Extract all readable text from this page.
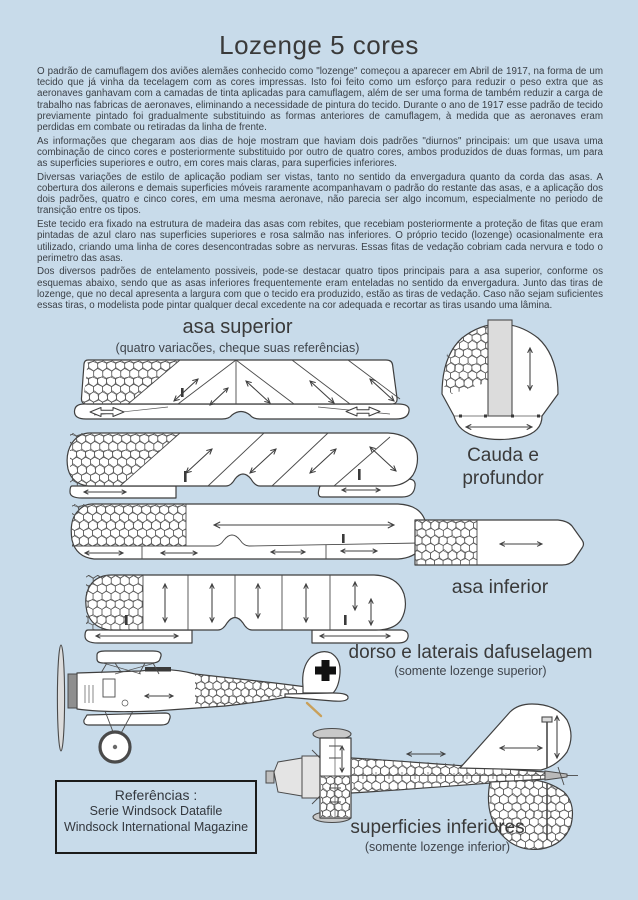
Lozenge 5 cores

O padrão de camuflagem dos aviões alemães conhecido como "lozenge" começou a aparecer em Abril de 1917, na forma de um tecido que já vinha da tecelagem com as cores impressas. Isto foi feito como um esforço para reduzir o peso extra que as aeronaves ganhavam com a camadas de tinta aplicadas para camuflagem, além de ser uma forma de também reduzir a carga de trabalho nas fabricas de aeronaves, eliminando a necessidade de pintura do tecido. Durante o ano de 1917 esse padrão de tecido previamente pintado foi gradualmente substituindo as formas anteriores de camuflagem, à medida que as aeronaves eram perdidas em combate ou retiradas da linha de frente.

As informações que chegaram aos dias de hoje mostram que haviam dois padrões "diurnos" principais: um que usava uma combinação de cinco cores e posteriormente substituido por outro de quatro cores, ambos produzidos de duas formas, um para as superficies superiores e outro, em cores mais claras, para superficies inferiores.

Diversas variações de estilo de aplicação podiam ser vistas, tanto no sentido da envergadura quanto da corda das asas. A cobertura dos ailerons e demais superficies móveis raramente acompanhavam o padrão do restante das asas, e a aplicação dos dois padrões, quatro e cinco cores, em uma mesma aeronave, não parecia ser algo incomum, especialmente no periodo de transição entre os tipos.

Este tecido era fixado na estrutura de madeira das asas com rebites, que recebiam posteriormente a proteção de fitas que eram pintadas de azul claro nas superficies superiores e rosa salmão nas inferiores. O próprio tecido (lozenge) ocasionalmente era utilizado, criando uma linha de cores desencontradas sobre as nervuras. Essas fitas de vedação cobriam cada nervura e todo o perimetro das asas.

Dos diversos padrões de entelamento possiveis, pode-se destacar quatro tipos principais para a asa superior, conforme os esquemas abaixo, sendo que as asas inferiores frequentemente eram enteladas no sentido da envergadura. Junto das tiras de lozenge, que no decal apresenta a largura com que o tecido era produzido, estão as tiras de vedação. Caso não sejam suficientes essas tiras, o modelista pode pintar qualquer decal excedente na cor adequada e recortar as tiras usando uma lâmina.

asa superior
(quatro variacões, cheque suas referências)
Cauda e
profundor
asa inferior
dorso e laterais dafuselagem
(somente lozenge superior)
superficies inferiores
(somente lozenge inferior)
Referências :
Serie Windsock Datafile
Windsock International Magazine
